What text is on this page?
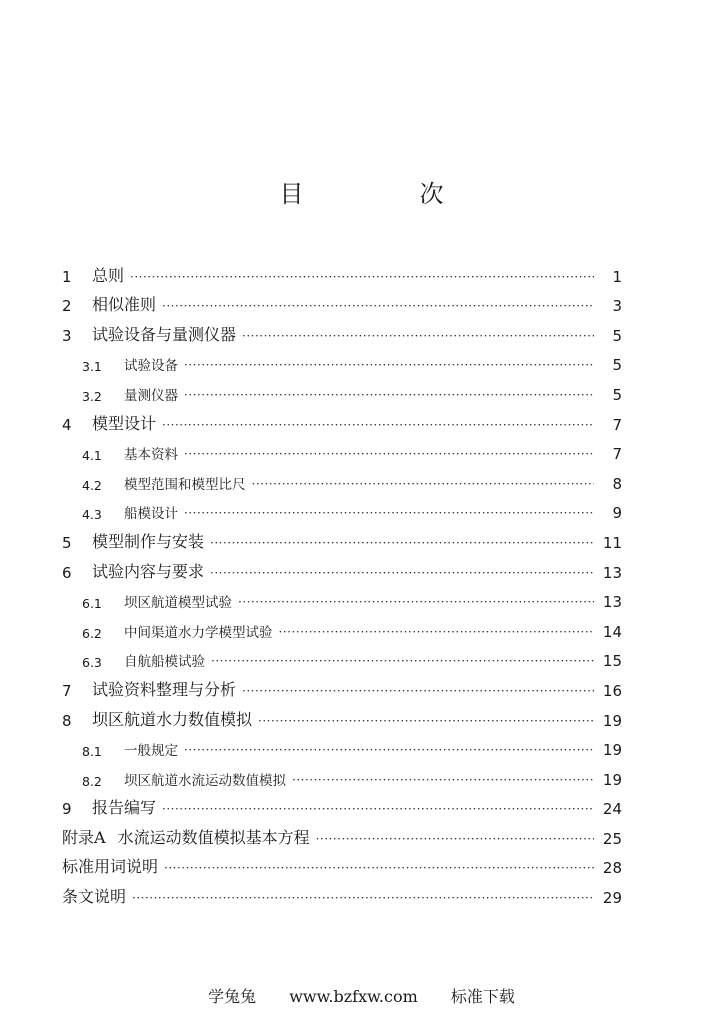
目　次
1	总则 ·····	1
2	相似准则 ·····	3
3	试验设备与量测仪器 ·····	5
3.1	试验设备 ·····	5
3.2	量测仪器 ·····	5
4	模型设计 ·····	7
4.1	基本资料 ·····	7
4.2	模型范围和模型比尺 ·····	8
4.3	船模设计 ·····	9
5	模型制作与安装 ·····	11
6	试验内容与要求 ·····	13
6.1	坝区航道模型试验 ·····	13
6.2	中间渠道水力学模型试验 ·····	14
6.3	自航船模试验 ·····	15
7	试验资料整理与分析 ·····	16
8	坝区航道水力数值模拟 ·····	19
8.1	一般规定 ·····	19
8.2	坝区航道水流运动数值模拟 ·····	19
9	报告编写 ·····	24
附录A 水流运动数值模拟基本方程 ·····	25
标准用词说明 ·····	28
条文说明 ·····	29
学兔兔 www.bzfxw.com 标准下载
